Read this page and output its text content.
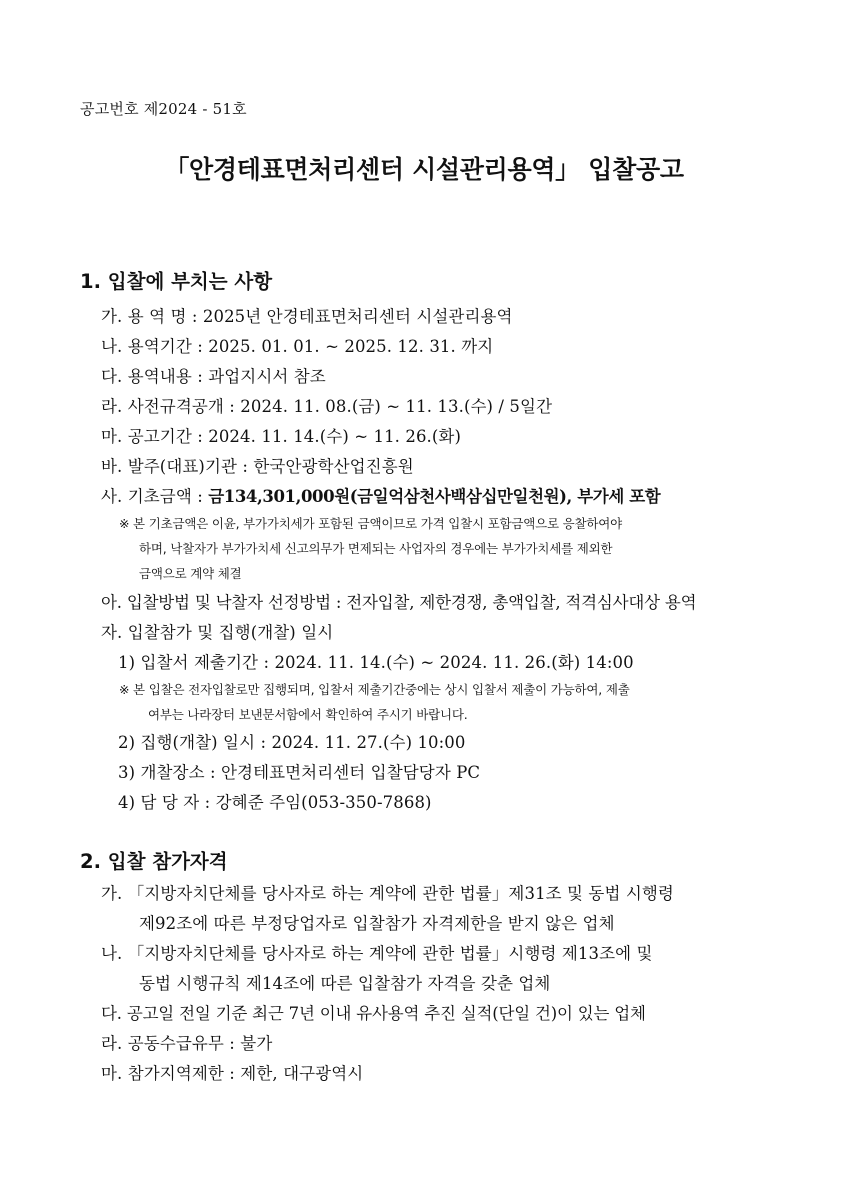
공고번호 제2024 - 51호
「안경테표면처리센터 시설관리용역」 입찰공고
1. 입찰에 부치는 사항
가. 용 역 명 : 2025년 안경테표면처리센터 시설관리용역
나. 용역기간 : 2025. 01. 01. ~ 2025. 12. 31. 까지
다. 용역내용 : 과업지시서 참조
라. 사전규격공개 : 2024. 11. 08.(금) ~ 11. 13.(수) / 5일간
마. 공고기간 : 2024. 11. 14.(수) ~ 11. 26.(화)
바. 발주(대표)기관 : 한국안광학산업진흥원
사. 기초금액 : 금134,301,000원(금일억삼천사백삼십만일천원), 부가세 포함
※ 본 기초금액은 이윤, 부가가치세가 포함된 금액이므로 가격 입찰시 포함금액으로 응찰하여야
하며, 낙찰자가 부가가치세 신고의무가 면제되는 사업자의 경우에는 부가가치세를 제외한
금액으로 계약 체결
아. 입찰방법 및 낙찰자 선정방법 : 전자입찰, 제한경쟁, 총액입찰, 적격심사대상 용역
자. 입찰참가 및 집행(개찰) 일시
1) 입찰서 제출기간 : 2024. 11. 14.(수) ~ 2024. 11. 26.(화) 14:00
※ 본 입찰은 전자입찰로만 집행되며, 입찰서 제출기간중에는 상시 입찰서 제출이 가능하여, 제출
여부는 나라장터 보낸문서함에서 확인하여 주시기 바랍니다.
2) 집행(개찰) 일시 : 2024. 11. 27.(수) 10:00
3) 개찰장소 : 안경테표면처리센터 입찰담당자 PC
4) 담 당 자 : 강혜준 주임(053-350-7868)
2. 입찰 참가자격
가. 「지방자치단체를 당사자로 하는 계약에 관한 법률」제31조 및 동법 시행령
제92조에 따른 부정당업자로 입찰참가 자격제한을 받지 않은 업체
나. 「지방자치단체를 당사자로 하는 계약에 관한 법률」시행령 제13조에 및
동법 시행규칙 제14조에 따른 입찰참가 자격을 갖춘 업체
다. 공고일 전일 기준 최근 7년 이내 유사용역 추진 실적(단일 건)이 있는 업체
라. 공동수급유무 : 불가
마. 참가지역제한 : 제한, 대구광역시
